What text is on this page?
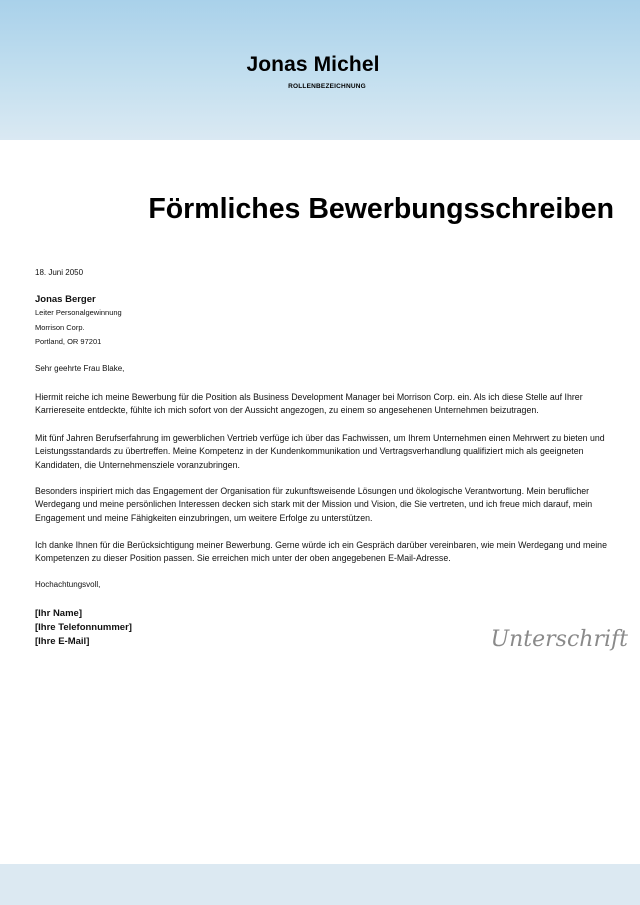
Jonas Michel
ROLLENBEZEICHNUNG
Förmliches Bewerbungsschreiben
18. Juni 2050
Jonas Berger
Leiter Personalgewinnung
Morrison Corp.
Portland, OR 97201
Sehr geehrte Frau Blake,
Hiermit reiche ich meine Bewerbung für die Position als Business Development Manager bei Morrison Corp. ein. Als ich diese Stelle auf Ihrer Karriereseite entdeckte, fühlte ich mich sofort von der Aussicht angezogen, zu einem so angesehenen Unternehmen beizutragen.
Mit fünf Jahren Berufserfahrung im gewerblichen Vertrieb verfüge ich über das Fachwissen, um Ihrem Unternehmen einen Mehrwert zu bieten und Leistungsstandards zu übertreffen. Meine Kompetenz in der Kundenkommunikation und Vertragsverhandlung qualifiziert mich als geeigneten Kandidaten, die Unternehmensziele voranzubringen.
Besonders inspiriert mich das Engagement der Organisation für zukunftsweisende Lösungen und ökologische Verantwortung. Mein beruflicher Werdegang und meine persönlichen Interessen decken sich stark mit der Mission und Vision, die Sie vertreten, und ich freue mich darauf, mein Engagement und meine Fähigkeiten einzubringen, um weitere Erfolge zu unterstützen.
Ich danke Ihnen für die Berücksichtigung meiner Bewerbung. Gerne würde ich ein Gespräch darüber vereinbaren, wie mein Werdegang und meine Kompetenzen zu dieser Position passen. Sie erreichen mich unter der oben angegebenen E-Mail-Adresse.
Hochachtungsvoll,
[Ihr Name]
[Ihre Telefonnummer]
[Ihre E-Mail]	Unterschrift
